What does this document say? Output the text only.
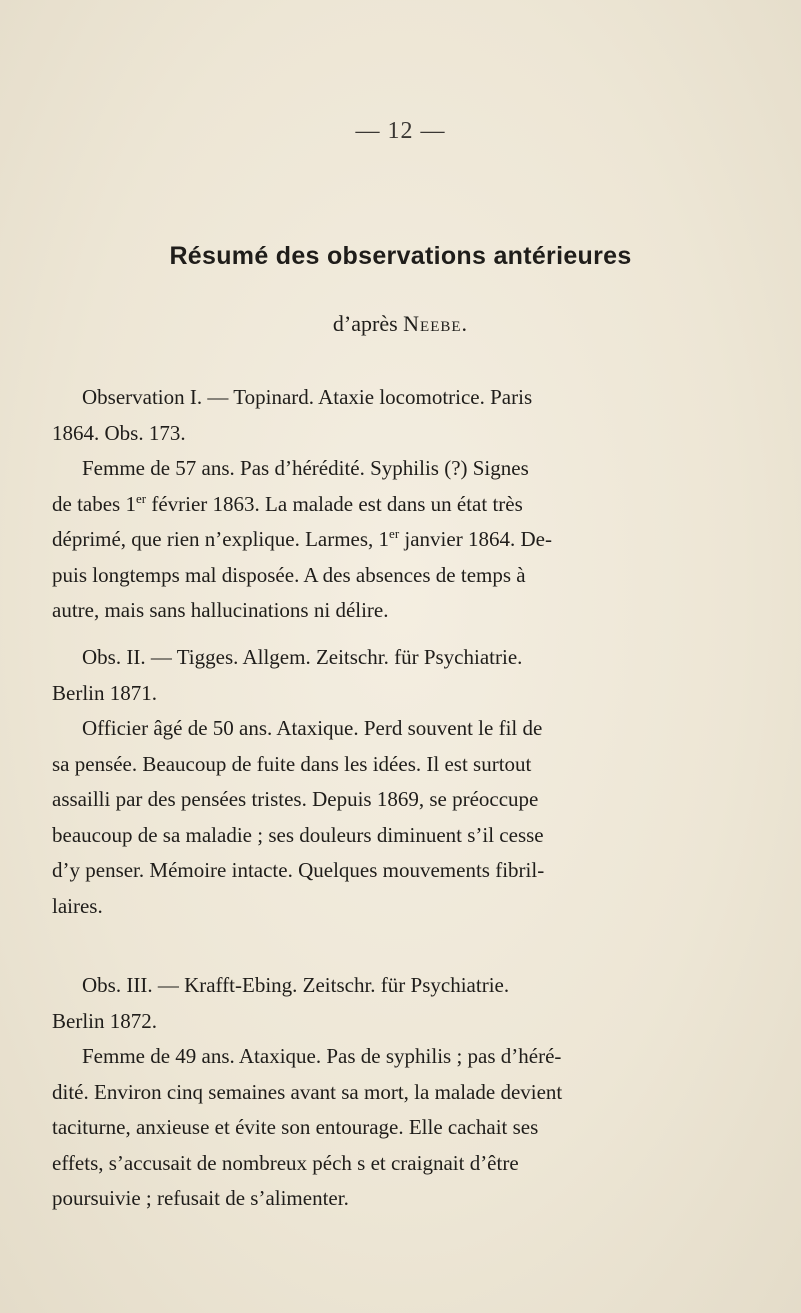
— 12 —
Résumé des observations antérieures
d’après Neebe.
Observation I. — Topinard. Ataxie locomotrice. Paris
1864. Obs. 173.
Femme de 57 ans. Pas d’hérédité. Syphilis (?) Signes
de tabes 1er février 1863. La malade est dans un état très
déprimé, que rien n’explique. Larmes, 1er janvier 1864. De-
puis longtemps mal disposée. A des absences de temps à
autre, mais sans hallucinations ni délire.
Obs. II. — Tigges. Allgem. Zeitschr. für Psychiatrie.
Berlin 1871.
Officier âgé de 50 ans. Ataxique. Perd souvent le fil de
sa pensée. Beaucoup de fuite dans les idées. Il est surtout
assailli par des pensées tristes. Depuis 1869, se préoccupe
beaucoup de sa maladie ; ses douleurs diminuent s’il cesse
d’y penser. Mémoire intacte. Quelques mouvements fibril-
laires.
Obs. III. — Krafft-Ebing. Zeitschr. für Psychiatrie.
Berlin 1872.
Femme de 49 ans. Ataxique. Pas de syphilis ; pas d’héré-
dité. Environ cinq semaines avant sa mort, la malade devient
taciturne, anxieuse et évite son entourage. Elle cachait ses
effets, s’accusait de nombreux péch s et craignait d’être
poursuivie ; refusait de s’alimenter.
